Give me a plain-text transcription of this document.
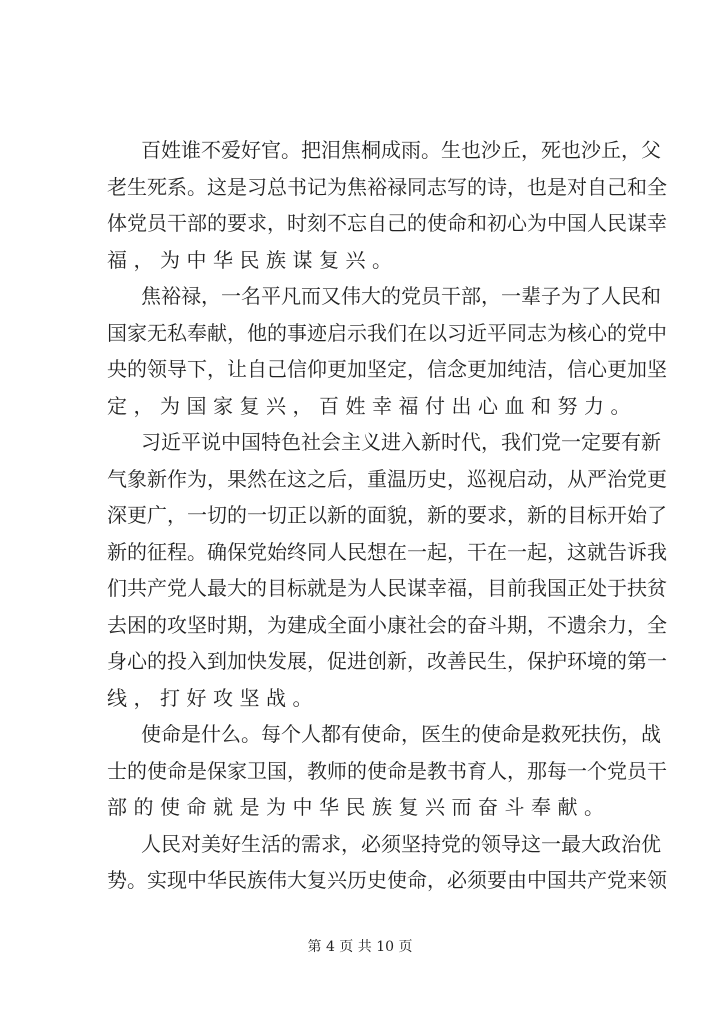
百姓谁不爱好官。把泪焦桐成雨。生也沙丘，死也沙丘，父
老生死系。这是习总书记为焦裕禄同志写的诗，也是对自己和全
体党员干部的要求，时刻不忘自己的使命和初心为中国人民谋幸
福，为中华民族谋复兴。
焦裕禄，一名平凡而又伟大的党员干部，一辈子为了人民和
国家无私奉献，他的事迹启示我们在以习近平同志为核心的党中
央的领导下，让自己信仰更加坚定，信念更加纯洁，信心更加坚
定，为国家复兴，百姓幸福付出心血和努力。
习近平说中国特色社会主义进入新时代，我们党一定要有新
气象新作为，果然在这之后，重温历史，巡视启动，从严治党更
深更广，一切的一切正以新的面貌，新的要求，新的目标开始了
新的征程。确保党始终同人民想在一起，干在一起，这就告诉我
们共产党人最大的目标就是为人民谋幸福，目前我国正处于扶贫
去困的攻坚时期，为建成全面小康社会的奋斗期，不遗余力，全
身心的投入到加快发展，促进创新，改善民生，保护环境的第一
线，打好攻坚战。
使命是什么。每个人都有使命，医生的使命是救死扶伤，战
士的使命是保家卫国，教师的使命是教书育人，那每一个党员干
部的使命就是为中华民族复兴而奋斗奉献。
人民对美好生活的需求，必须坚持党的领导这一最大政治优
势。实现中华民族伟大复兴历史使命，必须要由中国共产党来领
第 4 页 共 10 页
